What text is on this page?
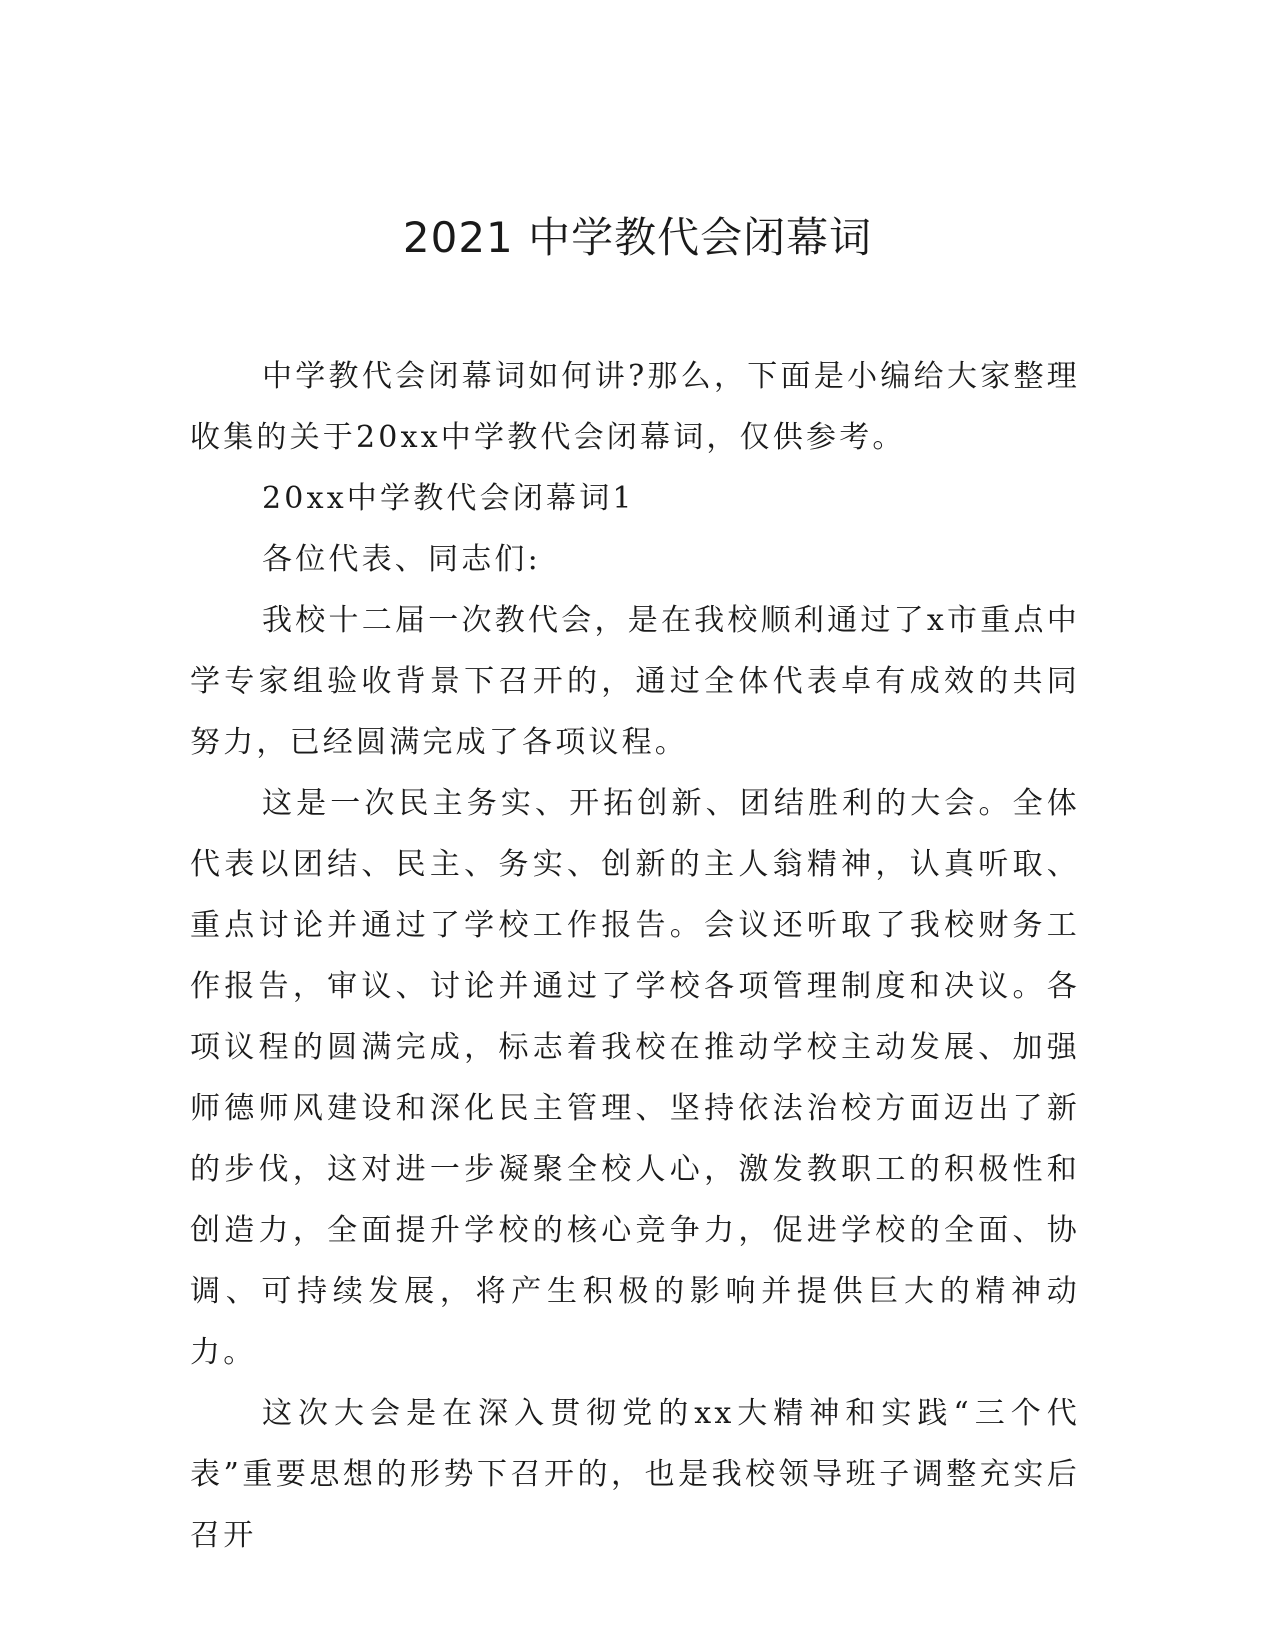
2021 中学教代会闭幕词

中学教代会闭幕词如何讲?那么，下面是小编给大家整理收集的关于20xx中学教代会闭幕词，仅供参考。

20xx中学教代会闭幕词1

各位代表、同志们:

我校十二届一次教代会，是在我校顺利通过了x市重点中学专家组验收背景下召开的，通过全体代表卓有成效的共同努力，已经圆满完成了各项议程。

这是一次民主务实、开拓创新、团结胜利的大会。全体代表以团结、民主、务实、创新的主人翁精神，认真听取、重点讨论并通过了学校工作报告。会议还听取了我校财务工作报告，审议、讨论并通过了学校各项管理制度和决议。各项议程的圆满完成，标志着我校在推动学校主动发展、加强师德师风建设和深化民主管理、坚持依法治校方面迈出了新的步伐，这对进一步凝聚全校人心，激发教职工的积极性和创造力，全面提升学校的核心竞争力，促进学校的全面、协调、可持续发展，将产生积极的影响并提供巨大的精神动力。

这次大会是在深入贯彻党的xx大精神和实践“三个代表”重要思想的形势下召开的，也是我校领导班子调整充实后召开
